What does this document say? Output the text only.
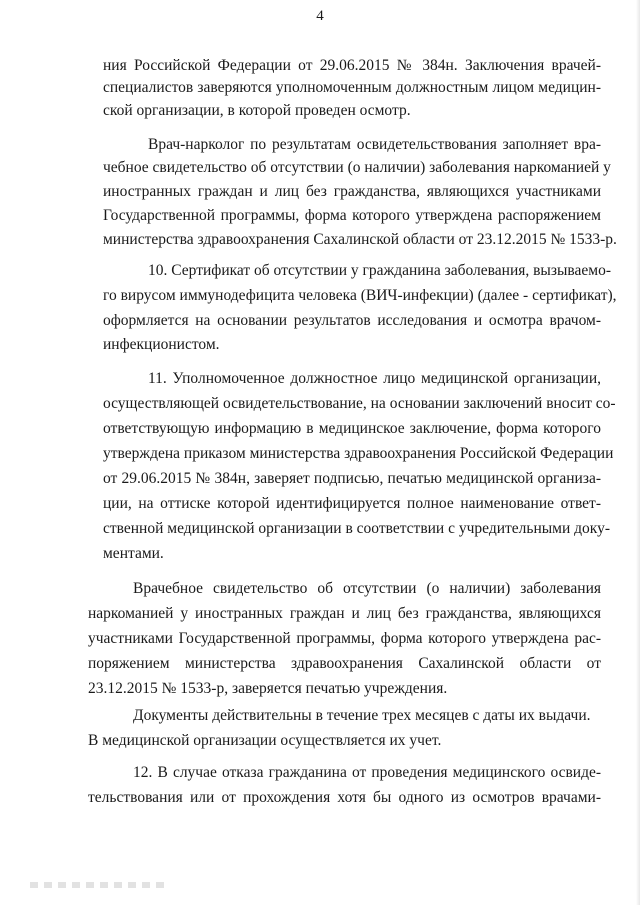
4
ния Российской Федерации от 29.06.2015 № 384н. Заключения врачей-
специалистов заверяются уполномоченным должностным лицом медицин-
ской организации, в которой проведен осмотр.
Врач-нарколог по результатам освидетельствования заполняет вра-
чебное свидетельство об отсутствии (о наличии) заболевания наркоманией у
иностранных граждан и лиц без гражданства, являющихся участниками
Государственной программы, форма которого утверждена распоряжением
министерства здравоохранения Сахалинской области от 23.12.2015 № 1533-р.
10. Сертификат об отсутствии у гражданина заболевания, вызываемо-
го вирусом иммунодефицита человека (ВИЧ-инфекции) (далее - сертификат),
оформляется на основании результатов исследования и осмотра врачом-
инфекционистом.
11. Уполномоченное должностное лицо медицинской организации,
осуществляющей освидетельствование, на основании заключений вносит со-
ответствующую информацию в медицинское заключение, форма которого
утверждена приказом министерства здравоохранения Российской Федерации
от 29.06.2015 № 384н, заверяет подписью, печатью медицинской организа-
ции, на оттиске которой идентифицируется полное наименование ответ-
ственной медицинской организации в соответствии с учредительными доку-
ментами.
Врачебное свидетельство об отсутствии (о наличии) заболевания
наркоманией у иностранных граждан и лиц без гражданства, являющихся
участниками Государственной программы, форма которого утверждена рас-
поряжением министерства здравоохранения Сахалинской области от
23.12.2015 № 1533-р, заверяется печатью учреждения.
Документы действительны в течение трех месяцев с даты их выдачи.
В медицинской организации осуществляется их учет.
12. В случае отказа гражданина от проведения медицинского освиде-
тельствования или от прохождения хотя бы одного из осмотров врачами-
